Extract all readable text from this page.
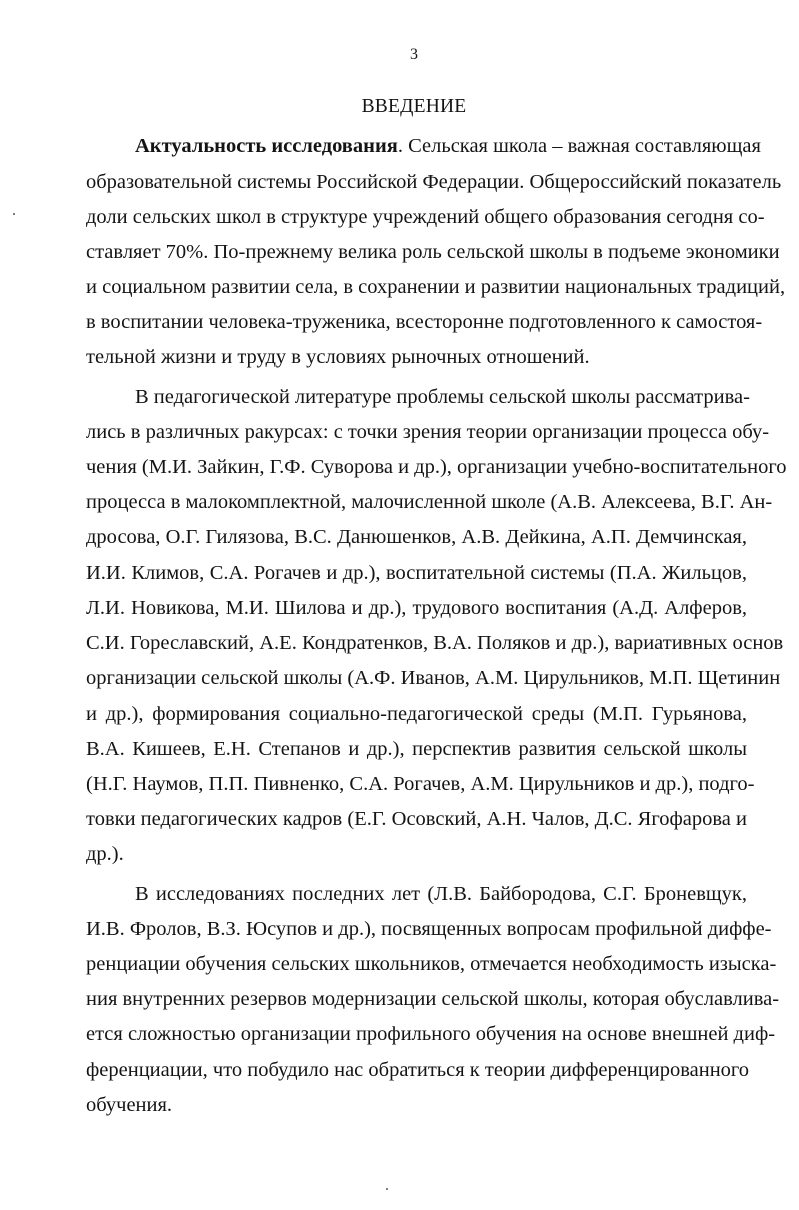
3
ВВЕДЕНИЕ
Актуальность исследования. Сельская школа – важная составляющая
образовательной системы Российской Федерации. Общероссийский показатель
доли сельских школ в структуре учреждений общего образования сегодня со-
ставляет 70%. По-прежнему велика роль сельской школы в подъеме экономики
и социальном развитии села, в сохранении и развитии национальных традиций,
в воспитании человека-труженика, всесторонне подготовленного к самостоя-
тельной жизни и труду в условиях рыночных отношений.
В педагогической литературе проблемы сельской школы рассматрива-
лись в различных ракурсах: с точки зрения теории организации процесса обу-
чения (М.И. Зайкин, Г.Ф. Суворова и др.), организации учебно-воспитательного
процесса в малокомплектной, малочисленной школе (А.В. Алексеева, В.Г. Ан-
дросова, О.Г. Гилязова, В.С. Данюшенков, А.В. Дейкина, А.П. Демчинская,
И.И. Климов, С.А. Рогачев и др.), воспитательной системы (П.А. Жильцов,
Л.И. Новикова, М.И. Шилова и др.), трудового воспитания (А.Д. Алферов,
С.И. Гореславский, А.Е. Кондратенков, В.А. Поляков и др.), вариативных основ
организации сельской школы (А.Ф. Иванов, А.М. Цирульников, М.П. Щетинин
и др.), формирования социально-педагогической среды (М.П. Гурьянова,
В.А. Кишеев, Е.Н. Степанов и др.), перспектив развития сельской школы
(Н.Г. Наумов, П.П. Пивненко, С.А. Рогачев, А.М. Цирульников и др.), подго-
товки педагогических кадров (Е.Г. Осовский, А.Н. Чалов, Д.С. Ягофарова и
др.).
В исследованиях последних лет (Л.В. Байбородова, С.Г. Броневщук,
И.В. Фролов, В.З. Юсупов и др.), посвященных вопросам профильной диффе-
ренциации обучения сельских школьников, отмечается необходимость изыска-
ния внутренних резервов модернизации сельской школы, которая обуславлива-
ется сложностью организации профильного обучения на основе внешней диф-
ференциации, что побудило нас обратиться к теории дифференцированного
обучения.
